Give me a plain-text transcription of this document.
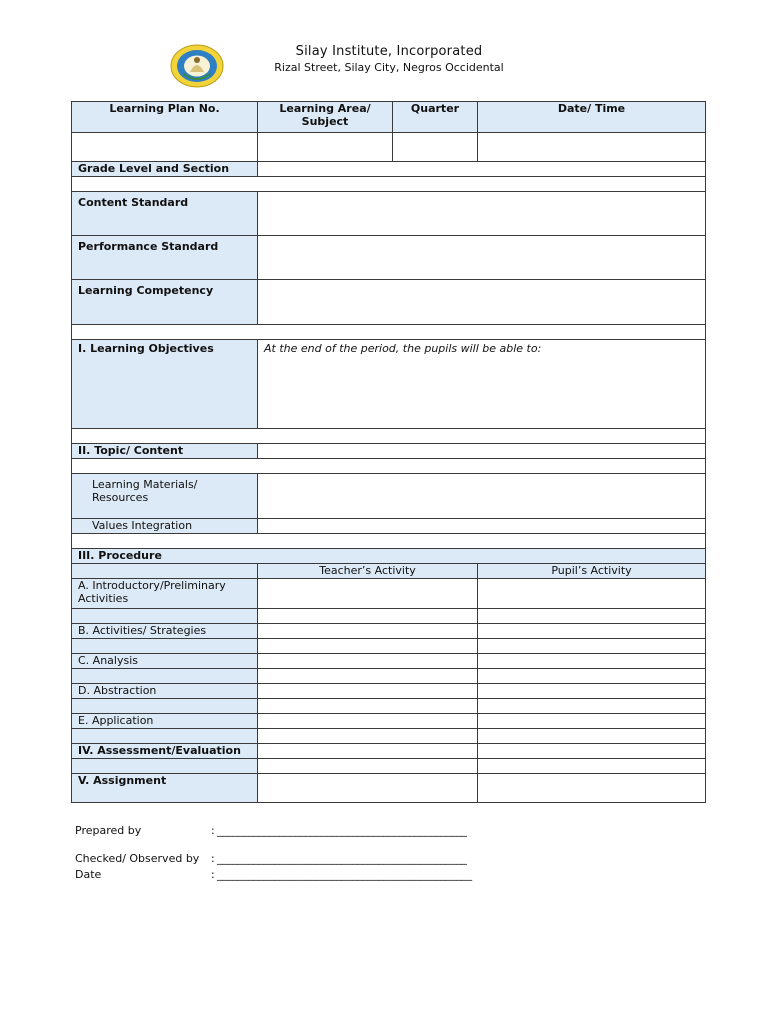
Silay Institute, Incorporated
Rizal Street, Silay City, Negros Occidental
Learning Plan No.	Learning Area/ Subject	Quarter	Date/ Time

Grade Level and Section			

Content Standard			
Performance Standard			
Learning Competency			

I. Learning Objectives	At the end of the period, the pupils will be able to:		

II. Topic/ Content			

Learning Materials/ Resources			
Values Integration			

III. Procedure			
	Teacher’s Activity		Pupil’s Activity
A. Introductory/Preliminary Activities			

B. Activities/ Strategies			

C. Analysis			

D. Abstraction			

E. Application			

IV. Assessment/Evaluation			

V. Assignment			
Prepared by	: ________________________________________________
Checked/ Observed by	: ________________________________________________
Date	: _________________________________________________
